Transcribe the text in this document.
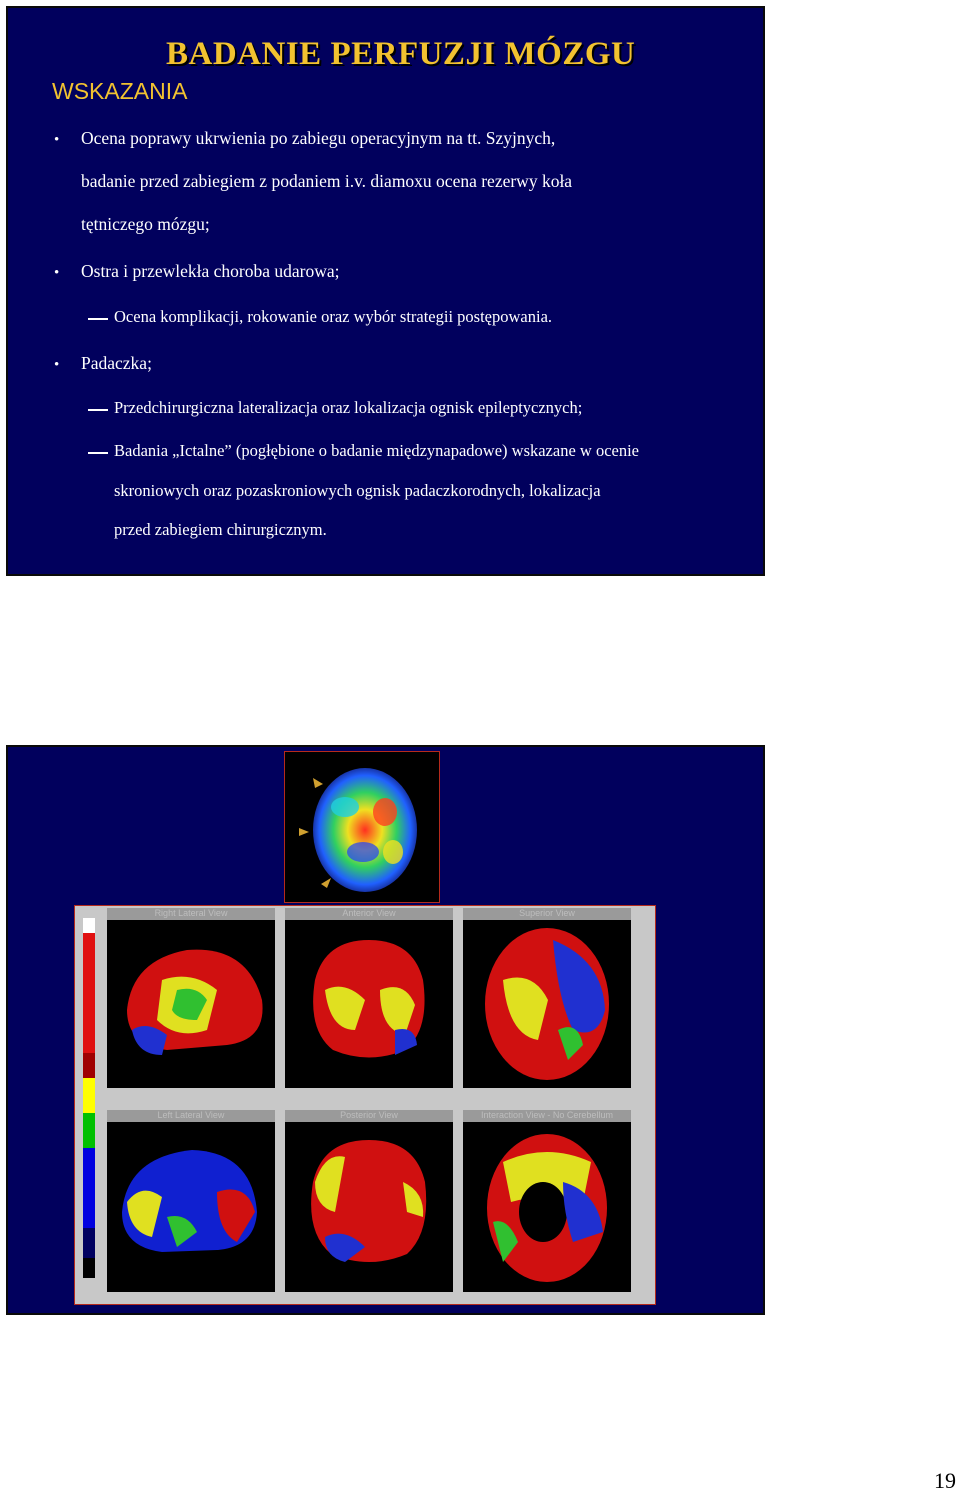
BADANIE PERFUZJI MÓZGU
WSKAZANIA
• Ocena poprawy ukrwienia po zabiegu operacyjnym na tt. Szyjnych,
badanie przed zabiegiem z podaniem i.v. diamoxu ocena rezerwy koła
tętniczego mózgu;
• Ostra i przewlekła choroba udarowa;
Ocena komplikacji, rokowanie oraz wybór strategii postępowania.
• Padaczka;
Przedchirurgiczna lateralizacja oraz lokalizacja ognisk epileptycznych;
Badania „Ictalne” (pogłębione o badanie międzynapadowe) wskazane w ocenie
skroniowych oraz pozaskroniowych ognisk padaczkorodnych, lokalizacja
przed zabiegiem chirurgicznym.
Right Lateral View	Anterior View	Superior View
Left Lateral View	Posterior View	Interaction View - No Cerebellum
19
